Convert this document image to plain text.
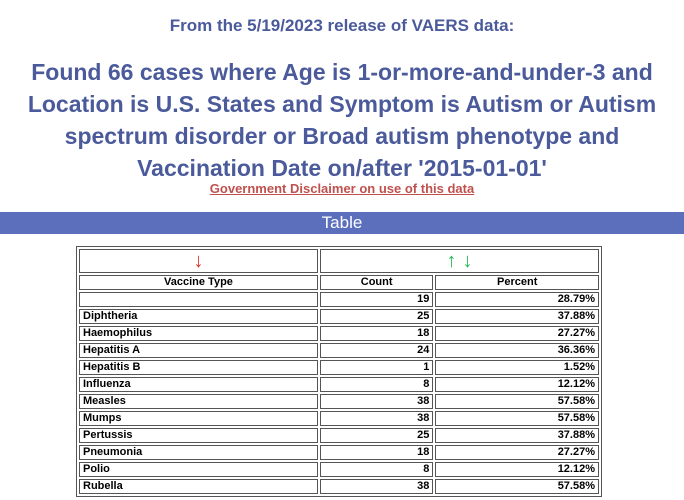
From the 5/19/2023 release of VAERS data:

Found 66 cases where Age is 1-or-more-and-under-3 and Location is U.S. States and Symptom is Autism or Autism spectrum disorder or Broad autism phenotype and Vaccination Date on/after '2015-01-01'
Government Disclaimer on use of this data
Table
↓	↑ ↓	
Vaccine Type	Count	Percent
	19	28.79%
Diphtheria	25	37.88%
Haemophilus	18	27.27%
Hepatitis A	24	36.36%
Hepatitis B	1	1.52%
Influenza	8	12.12%
Measles	38	57.58%
Mumps	38	57.58%
Pertussis	25	37.88%
Pneumonia	18	27.27%
Polio	8	12.12%
Rubella	38	57.58%
